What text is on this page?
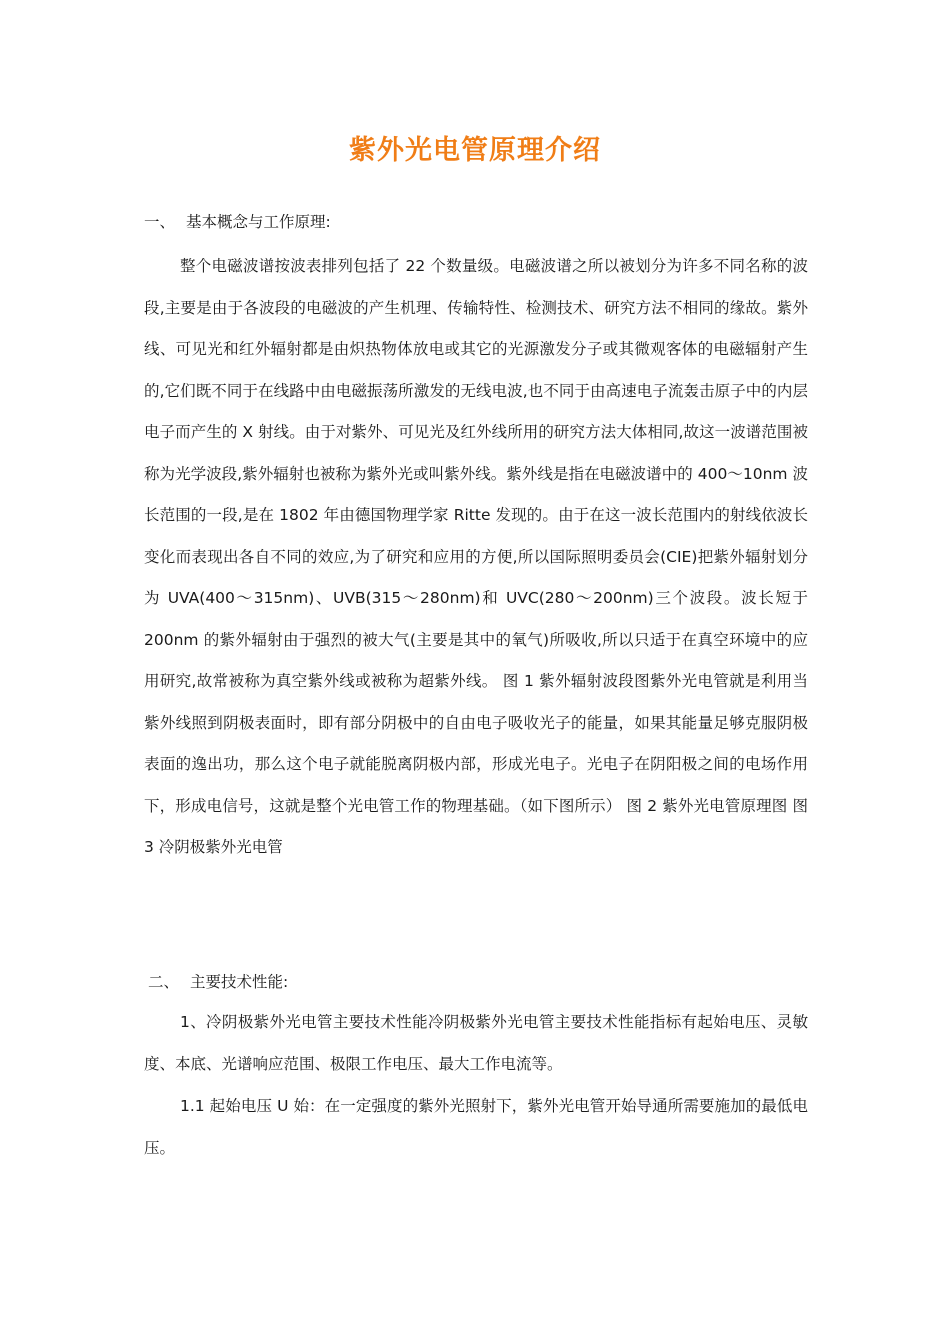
紫外光电管原理介绍
一、 基本概念与工作原理:
整个电磁波谱按波表排列包括了 22 个数量级。电磁波谱之所以被划分为许多不同名称的波段,主要是由于各波段的电磁波的产生机理、传输特性、检测技术、研究方法不相同的缘故。紫外线、可见光和红外辐射都是由炽热物体放电或其它的光源激发分子或其微观客体的电磁辐射产生的,它们既不同于在线路中由电磁振荡所激发的无线电波,也不同于由高速电子流轰击原子中的内层电子而产生的 X 射线。由于对紫外、可见光及红外线所用的研究方法大体相同,故这一波谱范围被称为光学波段,紫外辐射也被称为紫外光或叫紫外线。紫外线是指在电磁波谱中的 400～10nm 波长范围的一段,是在 1802 年由德国物理学家 Ritte 发现的。由于在这一波长范围内的射线依波长变化而表现出各自不同的效应,为了研究和应用的方便,所以国际照明委员会(CIE)把紫外辐射划分为 UVA(400～315nm)、UVB(315～280nm)和 UVC(280～200nm)三个波段。波长短于 200nm 的紫外辐射由于强烈的被大气(主要是其中的氧气)所吸收,所以只适于在真空环境中的应用研究,故常被称为真空紫外线或被称为超紫外线。 图 1 紫外辐射波段图紫外光电管就是利用当紫外线照到阴极表面时，即有部分阴极中的自由电子吸收光子的能量，如果其能量足够克服阴极表面的逸出功，那么这个电子就能脱离阴极内部，形成光电子。光电子在阴阳极之间的电场作用下，形成电信号，这就是整个光电管工作的物理基础。（如下图所示） 图 2 紫外光电管原理图 图 3 冷阴极紫外光电管
二、 主要技术性能:
1、冷阴极紫外光电管主要技术性能冷阴极紫外光电管主要技术性能指标有起始电压、灵敏度、本底、光谱响应范围、极限工作电压、最大工作电流等。
1.1 起始电压 U 始：在一定强度的紫外光照射下，紫外光电管开始导通所需要施加的最低电压。
